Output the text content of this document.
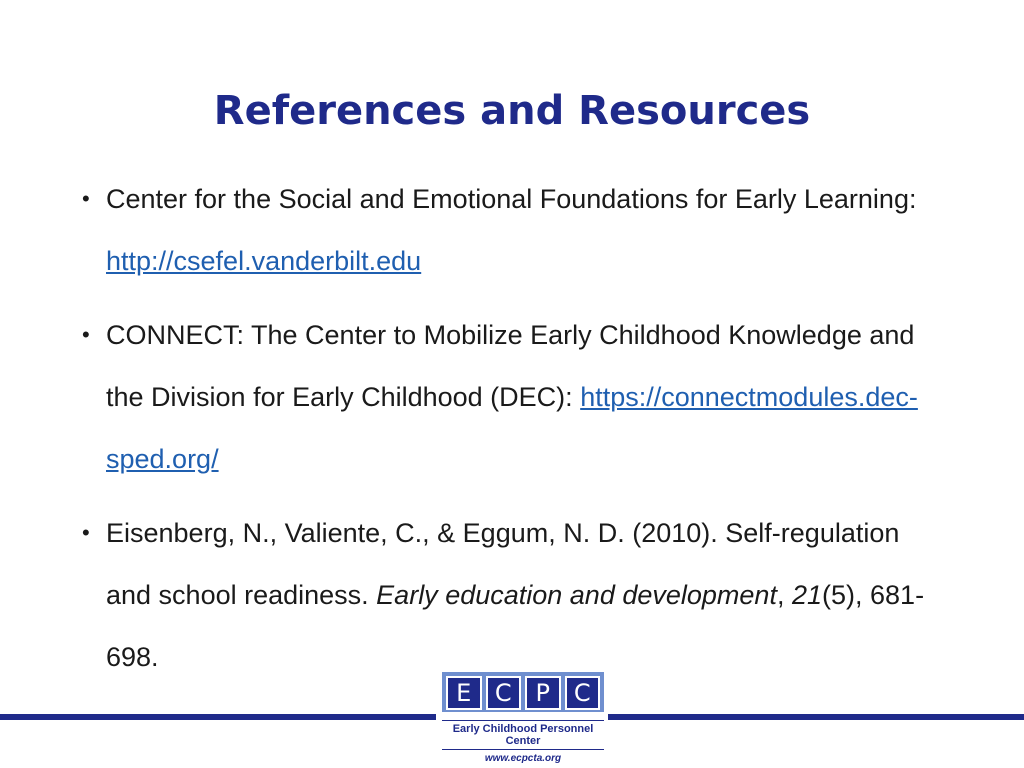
References and Resources
• Center for the Social and Emotional Foundations for Early Learning: http://csefel.vanderbilt.edu
• CONNECT: The Center to Mobilize Early Childhood Knowledge and the Division for Early Childhood (DEC): https://connectmodules.dec-sped.org/
• Eisenberg, N., Valiente, C., & Eggum, N. D. (2010). Self-regulation and school readiness. Early education and development, 21(5), 681-698.
E C P C
Early Childhood Personnel Center
www.ecpcta.org
